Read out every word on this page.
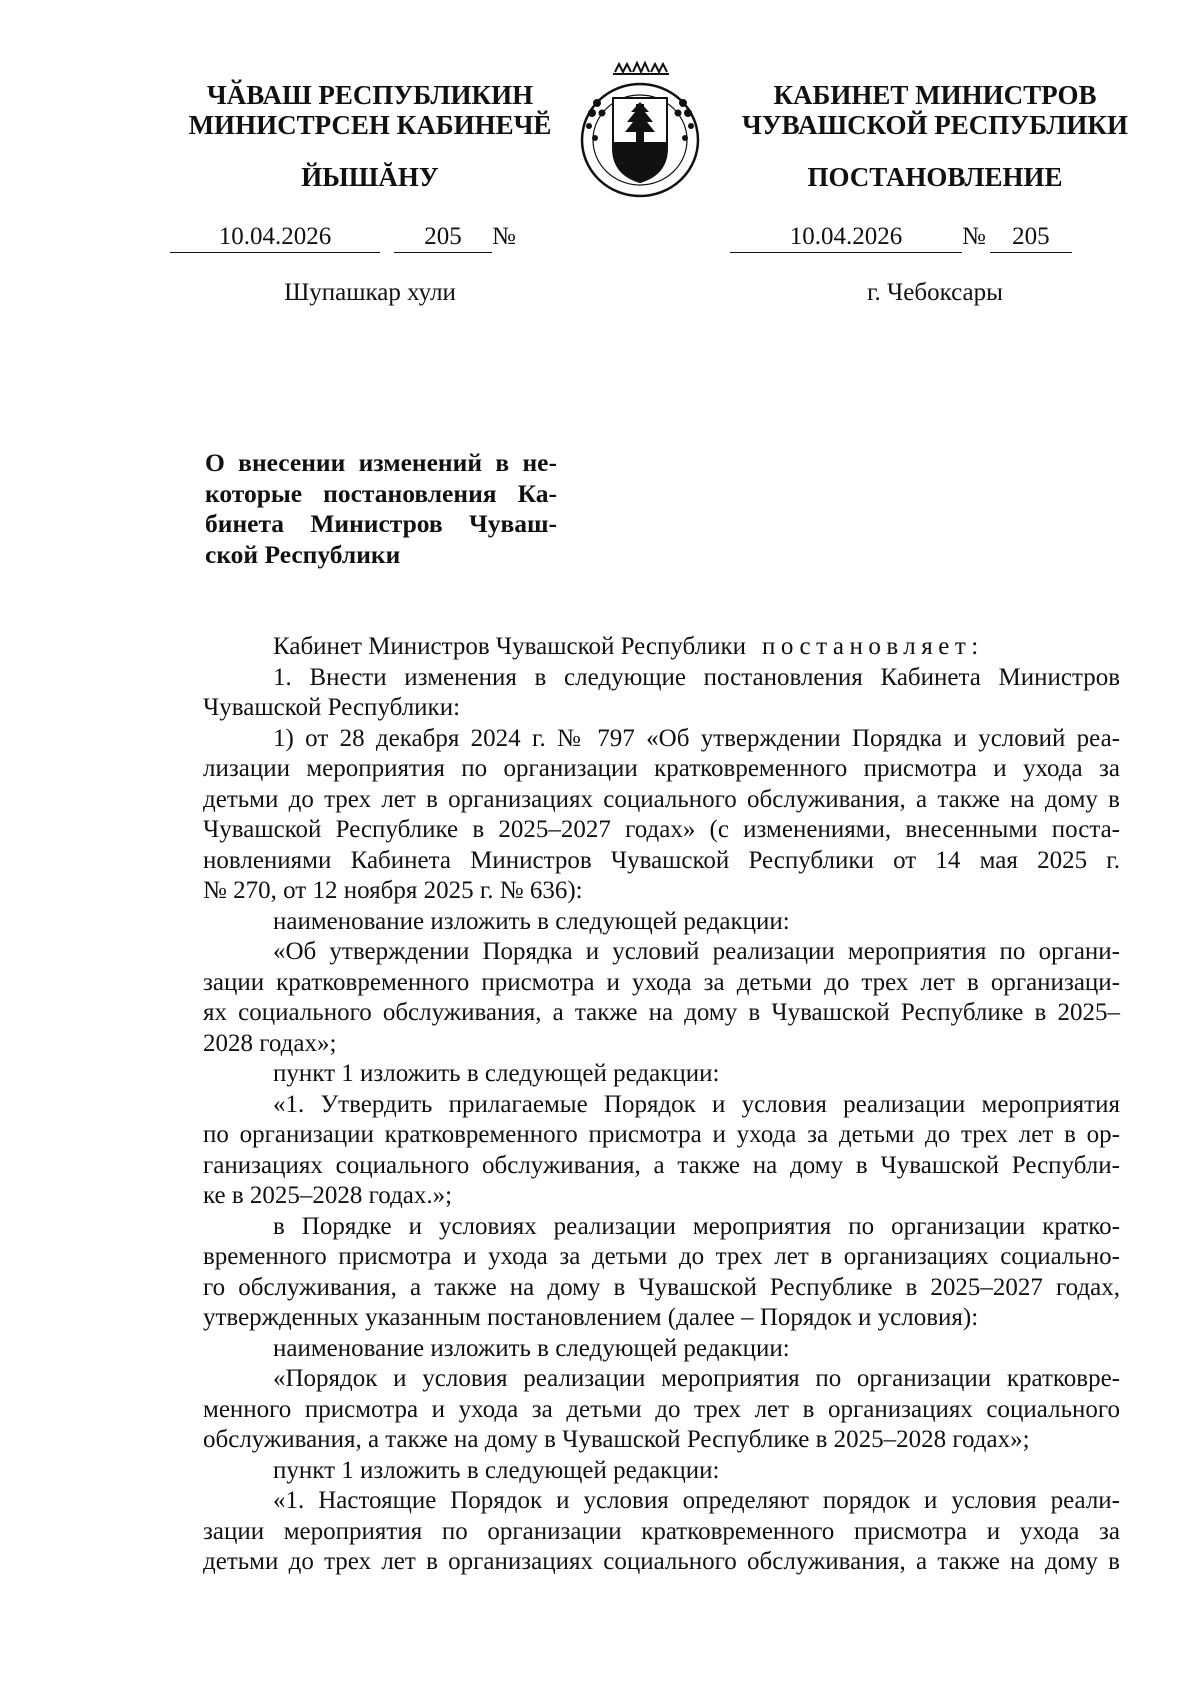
ЧӐВАШ РЕСПУБЛИКИН
МИНИСТРСЕН КАБИНЕЧӖ
ЙЫШĂНУ
КАБИНЕТ МИНИСТРОВ
ЧУВАШСКОЙ РЕСПУБЛИКИ
ПОСТАНОВЛЕНИЕ
10.04.2026	205 №	10.04.2026 № 205
Шупашкар хули	г. Чебоксары
О внесении изменений в не-
которые постановления Ка-
бинета Министров Чуваш-
ской Республики
Кабинет Министров Чувашской Республики постановляет:
1. Внести изменения в следующие постановления Кабинета Министров
Чувашской Республики:
1) от 28 декабря 2024 г. № 797 «Об утверждении Порядка и условий реа-
лизации мероприятия по организации кратковременного присмотра и ухода за
детьми до трех лет в организациях социального обслуживания, а также на дому в
Чувашской Республике в 2025–2027 годах» (с изменениями, внесенными поста-
новлениями Кабинета Министров Чувашской Республики от 14 мая 2025 г.
№ 270, от 12 ноября 2025 г. № 636):
наименование изложить в следующей редакции:
«Об утверждении Порядка и условий реализации мероприятия по органи-
зации кратковременного присмотра и ухода за детьми до трех лет в организаци-
ях социального обслуживания, а также на дому в Чувашской Республике в 2025–
2028 годах»;
пункт 1 изложить в следующей редакции:
«1. Утвердить прилагаемые Порядок и условия реализации мероприятия
по организации кратковременного присмотра и ухода за детьми до трех лет в ор-
ганизациях социального обслуживания, а также на дому в Чувашской Республи-
ке в 2025–2028 годах.»;
в Порядке и условиях реализации мероприятия по организации кратко-
временного присмотра и ухода за детьми до трех лет в организациях социально-
го обслуживания, а также на дому в Чувашской Республике в 2025–2027 годах,
утвержденных указанным постановлением (далее – Порядок и условия):
наименование изложить в следующей редакции:
«Порядок и условия реализации мероприятия по организации кратковре-
менного присмотра и ухода за детьми до трех лет в организациях социального
обслуживания, а также на дому в Чувашской Республике в 2025–2028 годах»;
пункт 1 изложить в следующей редакции:
«1. Настоящие Порядок и условия определяют порядок и условия реали-
зации мероприятия по организации кратковременного присмотра и ухода за
детьми до трех лет в организациях социального обслуживания, а также на дому в
